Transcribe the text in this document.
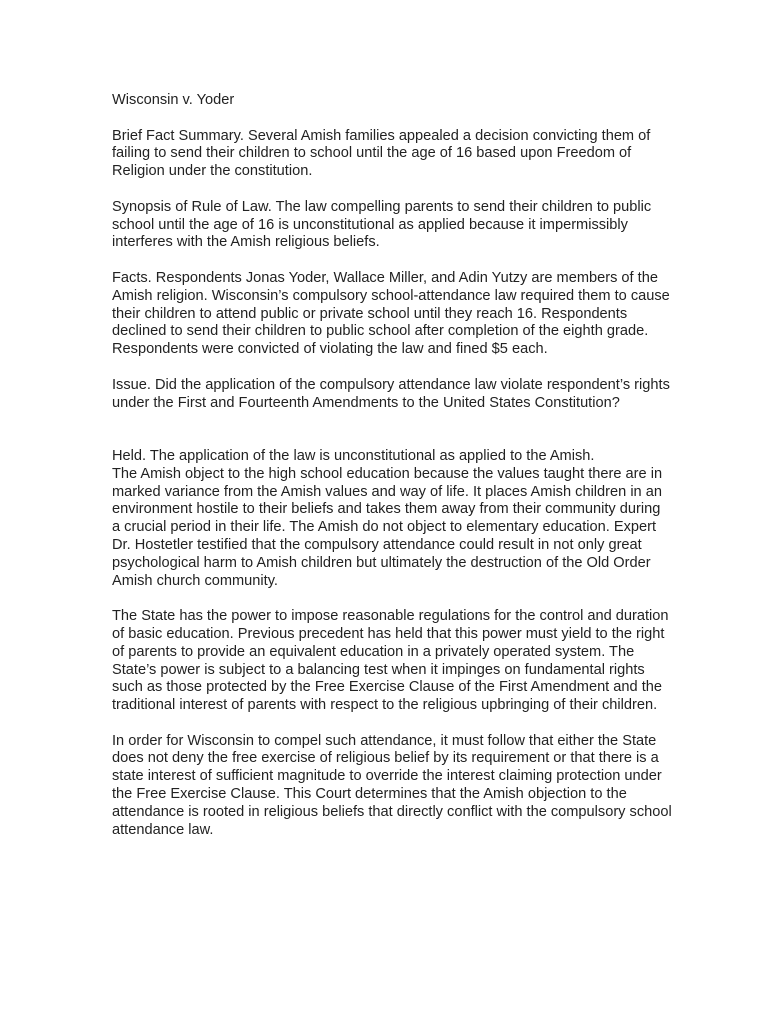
Wisconsin v. Yoder

Brief Fact Summary. Several Amish families appealed a decision convicting them of failing to send their children to school until the age of 16 based upon Freedom of Religion under the constitution.

Synopsis of Rule of Law. The law compelling parents to send their children to public school until the age of 16 is unconstitutional as applied because it impermissibly interferes with the Amish religious beliefs.

Facts. Respondents Jonas Yoder, Wallace Miller, and Adin Yutzy are members of the Amish religion. Wisconsin’s compulsory school-attendance law required them to cause their children to attend public or private school until they reach 16. Respondents declined to send their children to public school after completion of the eighth grade. Respondents were convicted of violating the law and fined $5 each.

Issue. Did the application of the compulsory attendance law violate respondent’s rights under the First and Fourteenth Amendments to the United States Constitution?

Held. The application of the law is unconstitutional as applied to the Amish.

The Amish object to the high school education because the values taught there are in marked variance from the Amish values and way of life. It places Amish children in an environment hostile to their beliefs and takes them away from their community during a crucial period in their life. The Amish do not object to elementary education. Expert Dr. Hostetler testified that the compulsory attendance could result in not only great psychological harm to Amish children but ultimately the destruction of the Old Order Amish church community.

The State has the power to impose reasonable regulations for the control and duration of basic education. Previous precedent has held that this power must yield to the right of parents to provide an equivalent education in a privately operated system. The State’s power is subject to a balancing test when it impinges on fundamental rights such as those protected by the Free Exercise Clause of the First Amendment and the traditional interest of parents with respect to the religious upbringing of their children.

In order for Wisconsin to compel such attendance, it must follow that either the State does not deny the free exercise of religious belief by its requirement or that there is a state interest of sufficient magnitude to override the interest claiming protection under the Free Exercise Clause. This Court determines that the Amish objection to the attendance is rooted in religious beliefs that directly conflict with the compulsory school attendance law.
